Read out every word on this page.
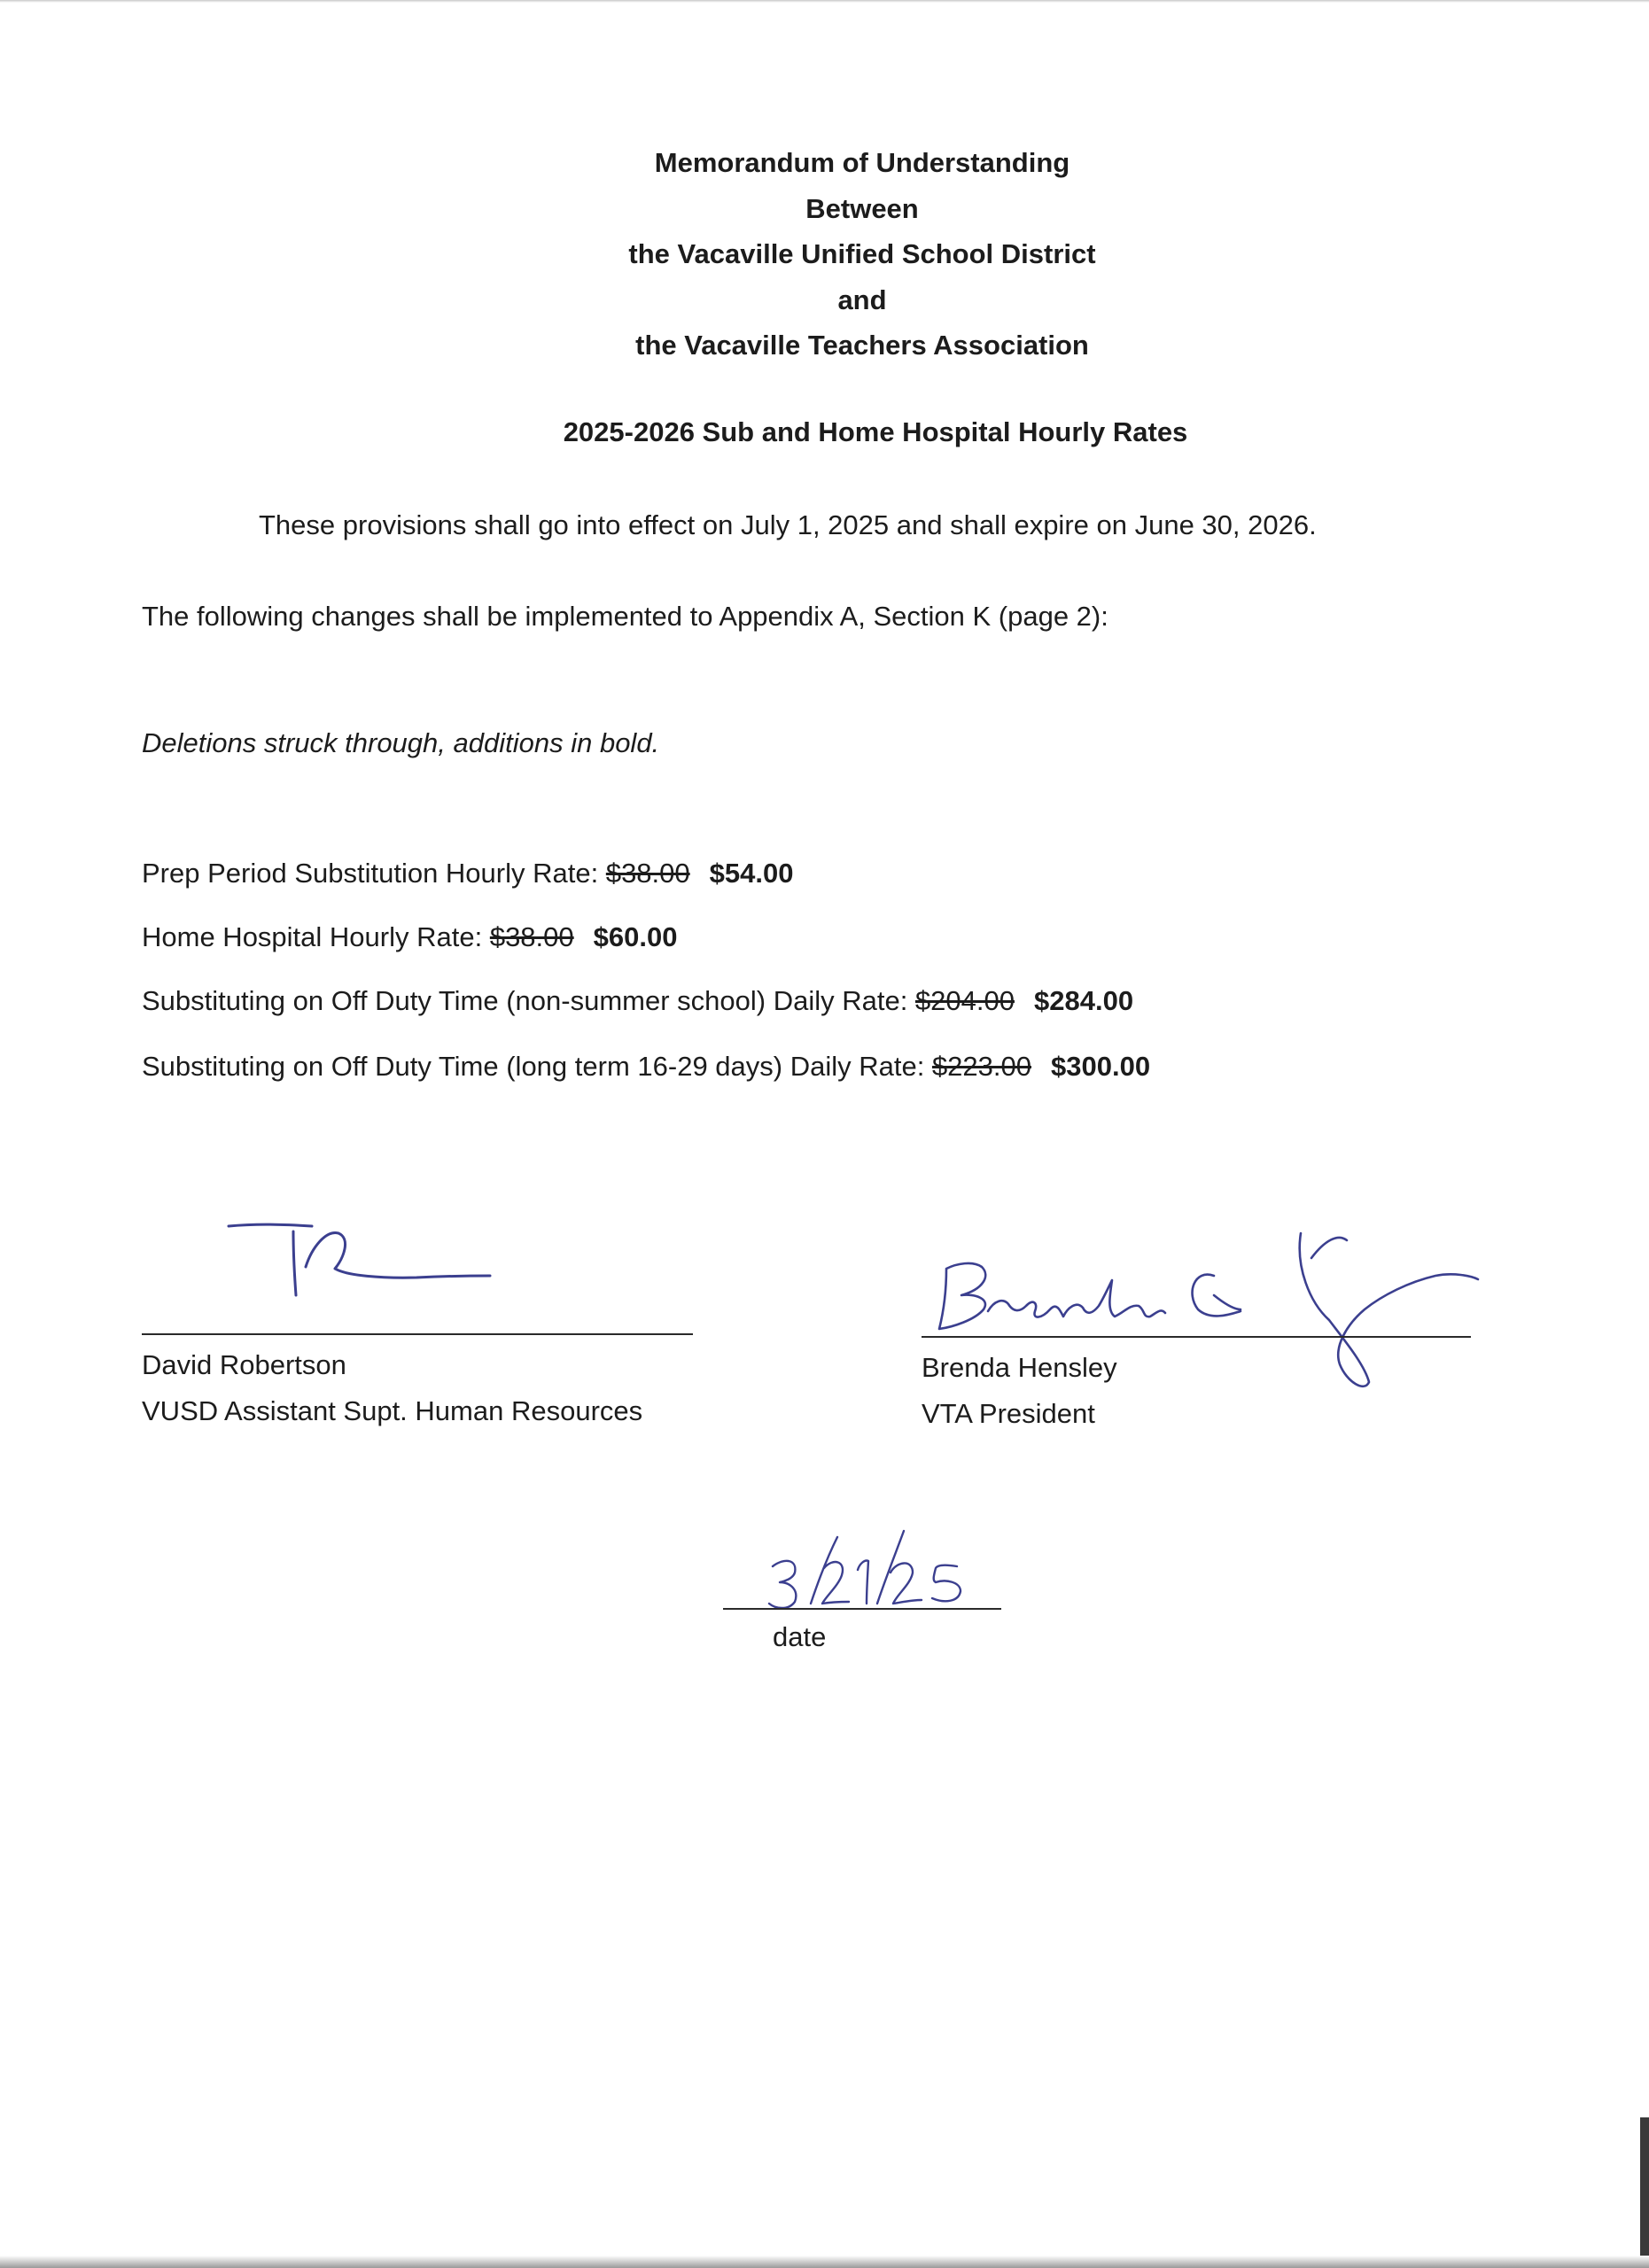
Memorandum of Understanding
Between
the Vacaville Unified School District
and
the Vacaville Teachers Association
2025-2026 Sub and Home Hospital Hourly Rates
These provisions shall go into effect on July 1, 2025 and shall expire on June 30, 2026.
The following changes shall be implemented to Appendix A, Section K (page 2):
Deletions struck through, additions in bold.
Prep Period Substitution Hourly Rate: $38.00 $54.00
Home Hospital Hourly Rate: $38.00 $60.00
Substituting on Off Duty Time (non-summer school) Daily Rate: $204.00 $284.00
Substituting on Off Duty Time (long term 16-29 days) Daily Rate: $223.00 $300.00
David Robertson
VUSD Assistant Supt. Human Resources
Brenda Hensley
VTA President
date
